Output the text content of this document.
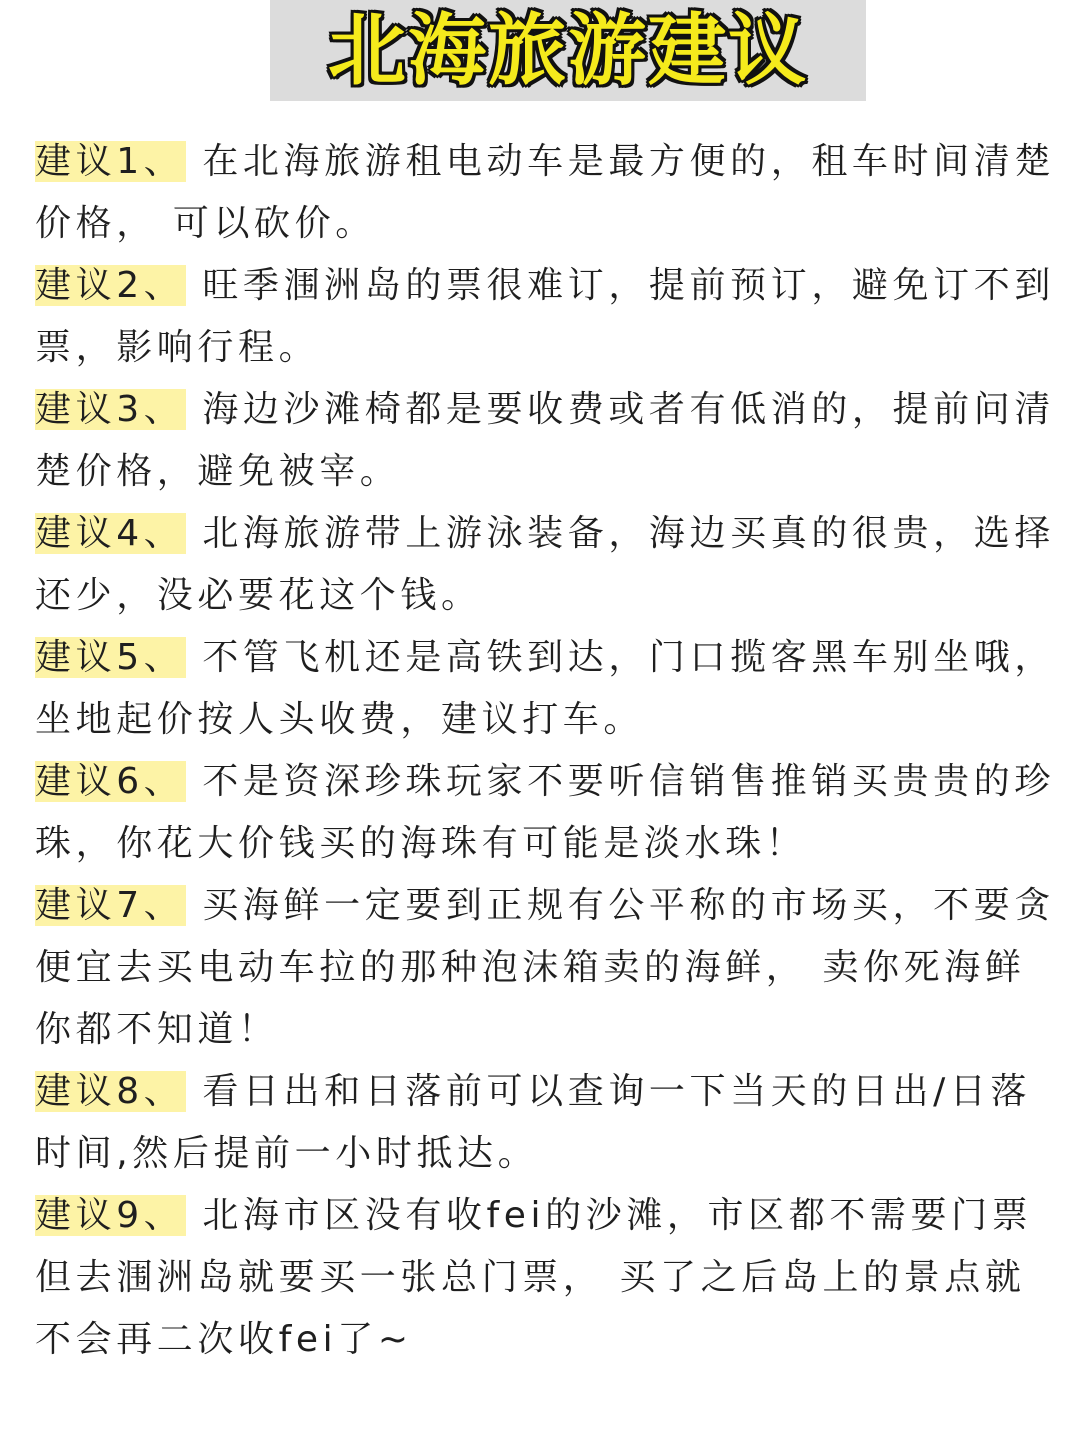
北海旅游建议

建议1、 在北海旅游租电动车是最方便的，租车时间清楚价格， 可以砍价。

建议2、 旺季涠洲岛的票很难订，提前预订，避免订不到票，影响行程。

建议3、 海边沙滩椅都是要收费或者有低消的，提前问清楚价格，避免被宰。

建议4、 北海旅游带上游泳装备，海边买真的很贵，选择还少，没必要花这个钱。

建议5、 不管飞机还是高铁到达，门口揽客黑车别坐哦，坐地起价按人头收费，建议打车。

建议6、 不是资深珍珠玩家不要听信销售推销买贵贵的珍珠，你花大价钱买的海珠有可能是淡水珠！

建议7、 买海鲜一定要到正规有公平称的市场买，不要贪便宜去买电动车拉的那种泡沫箱卖的海鲜， 卖你死海鲜你都不知道！

建议8、 看日出和日落前可以查询一下当天的日出/日落时间,然后提前一小时抵达。

建议9、 北海市区没有收fei的沙滩，市区都不需要门票但去涠洲岛就要买一张总门票， 买了之后岛上的景点就不会再二次收fei了~
